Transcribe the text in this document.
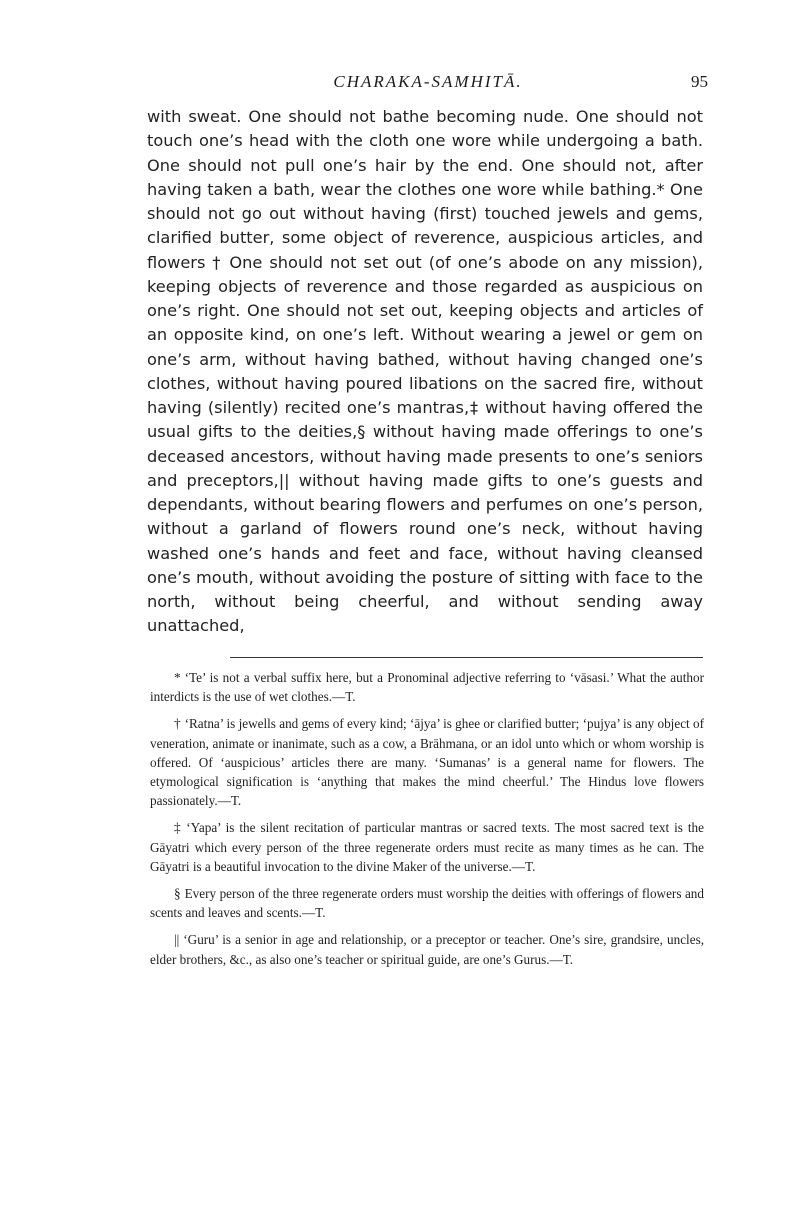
CHARAKA-SAMHITĀ.	95

with sweat. One should not bathe becoming nude. One should not touch one’s head with the cloth one wore while undergoing a bath. One should not pull one’s hair by the end. One should not, after having taken a bath, wear the clothes one wore while bathing.* One should not go out without having (first) touched jewels and gems, clarified butter, some object of reverence, auspicious articles, and flowers † One should not set out (of one’s abode on any mission), keeping objects of reverence and those regarded as auspicious on one’s right. One should not set out, keeping objects and articles of an opposite kind, on one’s left. Without wearing a jewel or gem on one’s arm, without having bathed, without having changed one’s clothes, without having poured libations on the sacred fire, without having (silently) recited one’s mantras,‡ without having offered the usual gifts to the deities,§ without having made offerings to one’s deceased ancestors, without having made presents to one’s seniors and preceptors,|| without having made gifts to one’s guests and dependants, without bearing flowers and perfumes on one’s person, without a garland of flowers round one’s neck, without having washed one’s hands and feet and face, without having cleansed one’s mouth, without avoiding the posture of sitting with face to the north, without being cheerful, and without sending away unattached,

* ‘Te’ is not a verbal suffix here, but a Pronominal adjective referring to ‘vāsasi.’ What the author interdicts is the use of wet clothes.—T.

† ‘Ratna’ is jewells and gems of every kind; ‘ājya’ is ghee or clarified butter; ‘pujya’ is any object of veneration, animate or inanimate, such as a cow, a Brāhmana, or an idol unto which or whom worship is offered. Of ‘auspicious’ articles there are many. ‘Sumanas’ is a general name for flowers. The etymological signification is ‘anything that makes the mind cheerful.’ The Hindus love flowers passionately.—T.

‡ ‘Yapa’ is the silent recitation of particular mantras or sacred texts. The most sacred text is the Gāyatri which every person of the three regenerate orders must recite as many times as he can. The Gāyatri is a beautiful invocation to the divine Maker of the universe.—T.

§ Every person of the three regenerate orders must worship the deities with offerings of flowers and scents and leaves and scents.—T.

|| ‘Guru’ is a senior in age and relationship, or a preceptor or teacher. One’s sire, grandsire, uncles, elder brothers, &c., as also one’s teacher or spiritual guide, are one’s Gurus.—T.
